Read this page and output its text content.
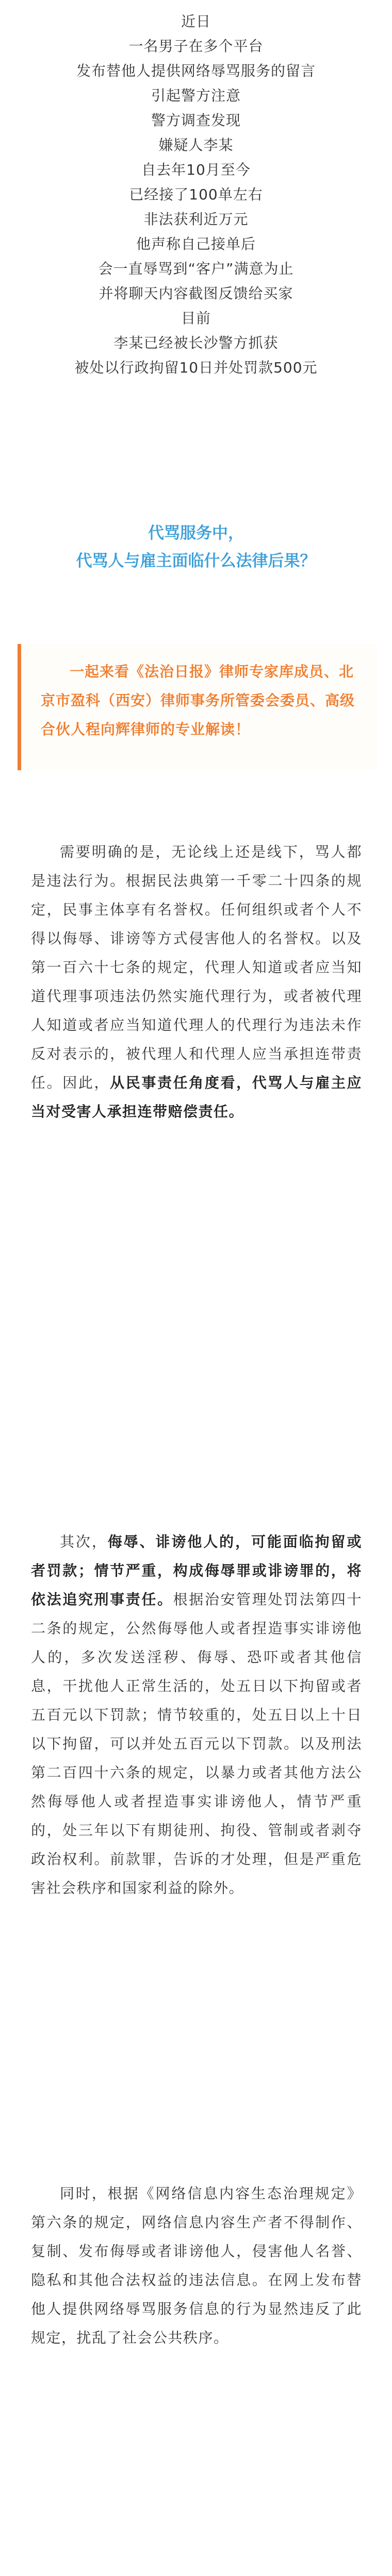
近日
一名男子在多个平台
发布替他人提供网络辱骂服务的留言
引起警方注意
警方调查发现
嫌疑人李某
自去年10月至今
已经接了100单左右
非法获利近万元
他声称自己接单后
会一直辱骂到“客户”满意为止
并将聊天内容截图反馈给买家
目前
李某已经被长沙警方抓获
被处以行政拘留10日并处罚款500元
代骂服务中，
代骂人与雇主面临什么法律后果？
一起来看《法治日报》律师专家库成员、北京市盈科（西安）律师事务所管委会委员、高级合伙人程向辉律师的专业解读！
需要明确的是，无论线上还是线下，骂人都是违法行为。根据民法典第一千零二十四条的规定，民事主体享有名誉权。任何组织或者个人不得以侮辱、诽谤等方式侵害他人的名誉权。以及第一百六十七条的规定，代理人知道或者应当知道代理事项违法仍然实施代理行为，或者被代理人知道或者应当知道代理人的代理行为违法未作反对表示的，被代理人和代理人应当承担连带责任。因此，从民事责任角度看，代骂人与雇主应当对受害人承担连带赔偿责任。
其次，侮辱、诽谤他人的，可能面临拘留或者罚款；情节严重，构成侮辱罪或诽谤罪的，将依法追究刑事责任。根据治安管理处罚法第四十二条的规定，公然侮辱他人或者捏造事实诽谤他人的，多次发送淫秽、侮辱、恐吓或者其他信息，干扰他人正常生活的，处五日以下拘留或者五百元以下罚款；情节较重的，处五日以上十日以下拘留，可以并处五百元以下罚款。以及刑法第二百四十六条的规定，以暴力或者其他方法公然侮辱他人或者捏造事实诽谤他人，情节严重的，处三年以下有期徒刑、拘役、管制或者剥夺政治权利。前款罪，告诉的才处理，但是严重危害社会秩序和国家利益的除外。
同时，根据《网络信息内容生态治理规定》第六条的规定，网络信息内容生产者不得制作、复制、发布侮辱或者诽谤他人，侵害他人名誉、隐私和其他合法权益的违法信息。在网上发布替他人提供网络辱骂服务信息的行为显然违反了此规定，扰乱了社会公共秩序。
